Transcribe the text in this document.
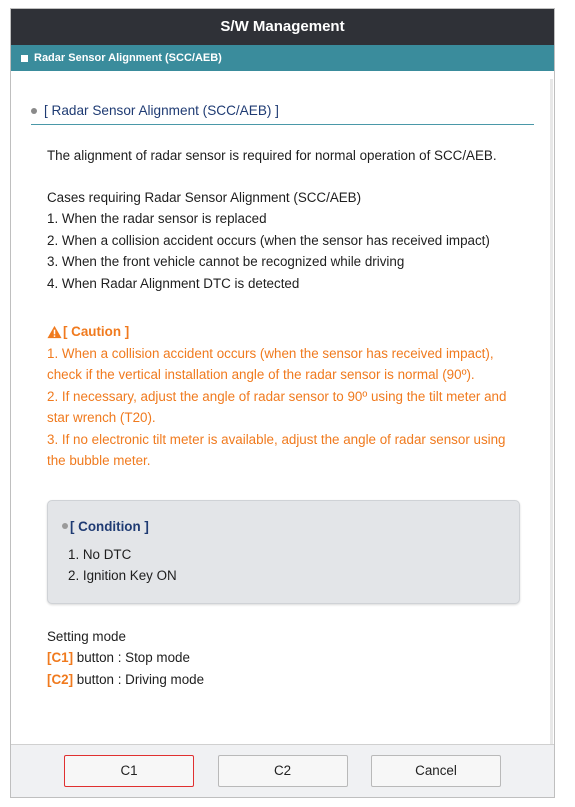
S/W Management
Radar Sensor Alignment (SCC/AEB)
[ Radar Sensor Alignment (SCC/AEB) ]

The alignment of radar sensor is required for normal operation of SCC/AEB.

Cases requiring Radar Sensor Alignment (SCC/AEB)

1. When the radar sensor is replaced

2. When a collision accident occurs (when the sensor has received impact)

3. When the front vehicle cannot be recognized while driving

4. When Radar Alignment DTC is detected

[ Caution ]

1. When a collision accident occurs (when the sensor has received impact),

check if the vertical installation angle of the radar sensor is normal (90º).

2. If necessary, adjust the angle of radar sensor to 90º using the tilt meter and

star wrench (T20).

3. If no electronic tilt meter is available, adjust the angle of radar sensor using

the bubble meter.

[ Condition ]
1. No DTC
2. Ignition Key ON

Setting mode

[C1] button : Stop mode

[C2] button : Driving mode

C1	C2	Cancel
